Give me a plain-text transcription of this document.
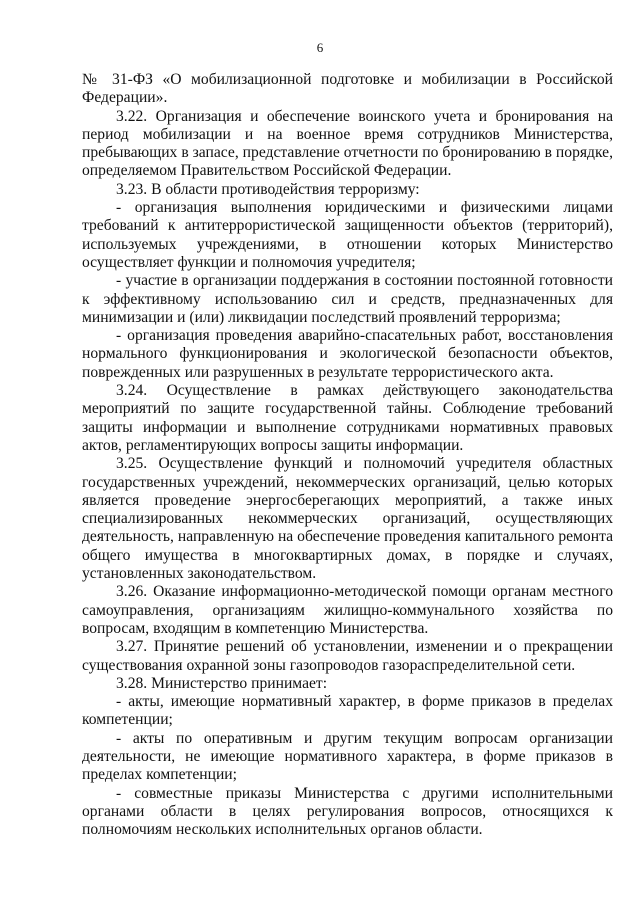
6

№ 31-ФЗ «О мобилизационной подготовке и мобилизации в Российской Федерации».

3.22. Организация и обеспечение воинского учета и бронирования на период мобилизации и на военное время сотрудников Министерства, пребывающих в запасе, представление отчетности по бронированию в порядке, определяемом Правительством Российской Федерации.

3.23. В области противодействия терроризму:

- организация выполнения юридическими и физическими лицами требований к антитеррористической защищенности объектов (территорий), используемых учреждениями, в отношении которых Министерство осуществляет функции и полномочия учредителя;

- участие в организации поддержания в состоянии постоянной готовности к эффективному использованию сил и средств, предназначенных для минимизации и (или) ликвидации последствий проявлений терроризма;

- организация проведения аварийно-спасательных работ, восстановления нормального функционирования и экологической безопасности объектов, поврежденных или разрушенных в результате террористического акта.

3.24. Осуществление в рамках действующего законодательства мероприятий по защите государственной тайны. Соблюдение требований защиты информации и выполнение сотрудниками нормативных правовых актов, регламентирующих вопросы защиты информации.

3.25. Осуществление функций и полномочий учредителя областных государственных учреждений, некоммерческих организаций, целью которых является проведение энергосберегающих мероприятий, а также иных специализированных некоммерческих организаций, осуществляющих деятельность, направленную на обеспечение проведения капитального ремонта общего имущества в многоквартирных домах, в порядке и случаях, установленных законодательством.

3.26. Оказание информационно-методической помощи органам местного самоуправления, организациям жилищно-коммунального хозяйства по вопросам, входящим в компетенцию Министерства.

3.27. Принятие решений об установлении, изменении и о прекращении существования охранной зоны газопроводов газораспределительной сети.

3.28. Министерство принимает:

- акты, имеющие нормативный характер, в форме приказов в пределах компетенции;

- акты по оперативным и другим текущим вопросам организации деятельности, не имеющие нормативного характера, в форме приказов в пределах компетенции;

- совместные приказы Министерства с другими исполнительными органами области в целях регулирования вопросов, относящихся к полномочиям нескольких исполнительных органов области.
